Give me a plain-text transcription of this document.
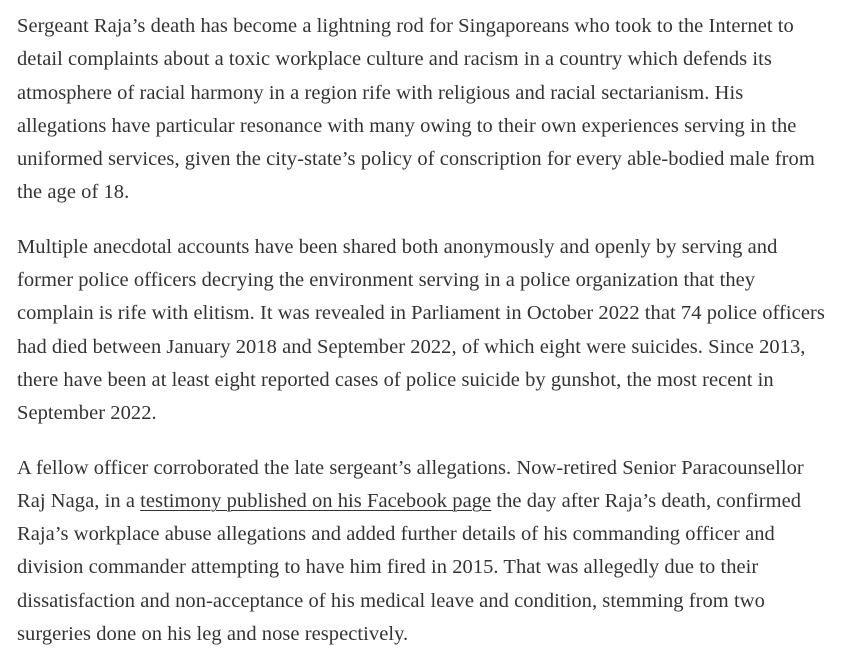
Sergeant Raja’s death has become a lightning rod for Singaporeans who took to the Internet to detail complaints about a toxic workplace culture and racism in a country which defends its atmosphere of racial harmony in a region rife with religious and racial sectarianism. His allegations have particular resonance with many owing to their own experiences serving in the uniformed services, given the city-state’s policy of conscription for every able-bodied male from the age of 18.

Multiple anecdotal accounts have been shared both anonymously and openly by serving and former police officers decrying the environment serving in a police organization that they complain is rife with elitism. It was revealed in Parliament in October 2022 that 74 police officers had died between January 2018 and September 2022, of which eight were suicides. Since 2013, there have been at least eight reported cases of police suicide by gunshot, the most recent in September 2022.

A fellow officer corroborated the late sergeant’s allegations. Now-retired Senior Paracounsellor Raj Naga, in a testimony published on his Facebook page the day after Raja’s death, confirmed Raja’s workplace abuse allegations and added further details of his commanding officer and division commander attempting to have him fired in 2015. That was allegedly due to their dissatisfaction and non-acceptance of his medical leave and condition, stemming from two surgeries done on his leg and nose respectively.
